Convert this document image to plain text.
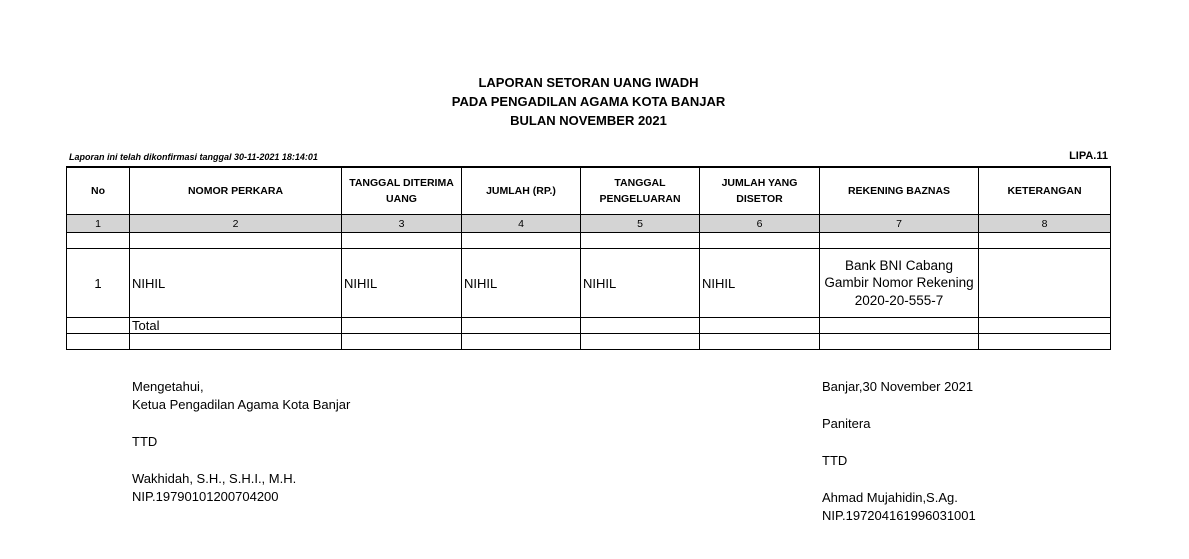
LAPORAN SETORAN UANG IWADH
PADA PENGADILAN AGAMA KOTA BANJAR
BULAN NOVEMBER 2021
Laporan ini telah dikonfirmasi tanggal 30-11-2021 18:14:01	LIPA.11
No	NOMOR PERKARA	TANGGAL DITERIMA UANG	JUMLAH (RP.)	TANGGAL PENGELUARAN	JUMLAH YANG DISETOR	REKENING BAZNAS	KETERANGAN
1	2	3	4	5	6	7	8

1	NIHIL	NIHIL	NIHIL	NIHIL	NIHIL	Bank BNI Cabang Gambir Nomor Rekening 2020-20-555-7	
	Total						

Mengetahui,
Ketua Pengadilan Agama Kota Banjar
TTD
Wakhidah, S.H., S.H.I., M.H.
NIP.19790101200704200
Banjar,30 November 2021
Panitera
TTD
Ahmad Mujahidin,S.Ag.
NIP.197204161996031001
